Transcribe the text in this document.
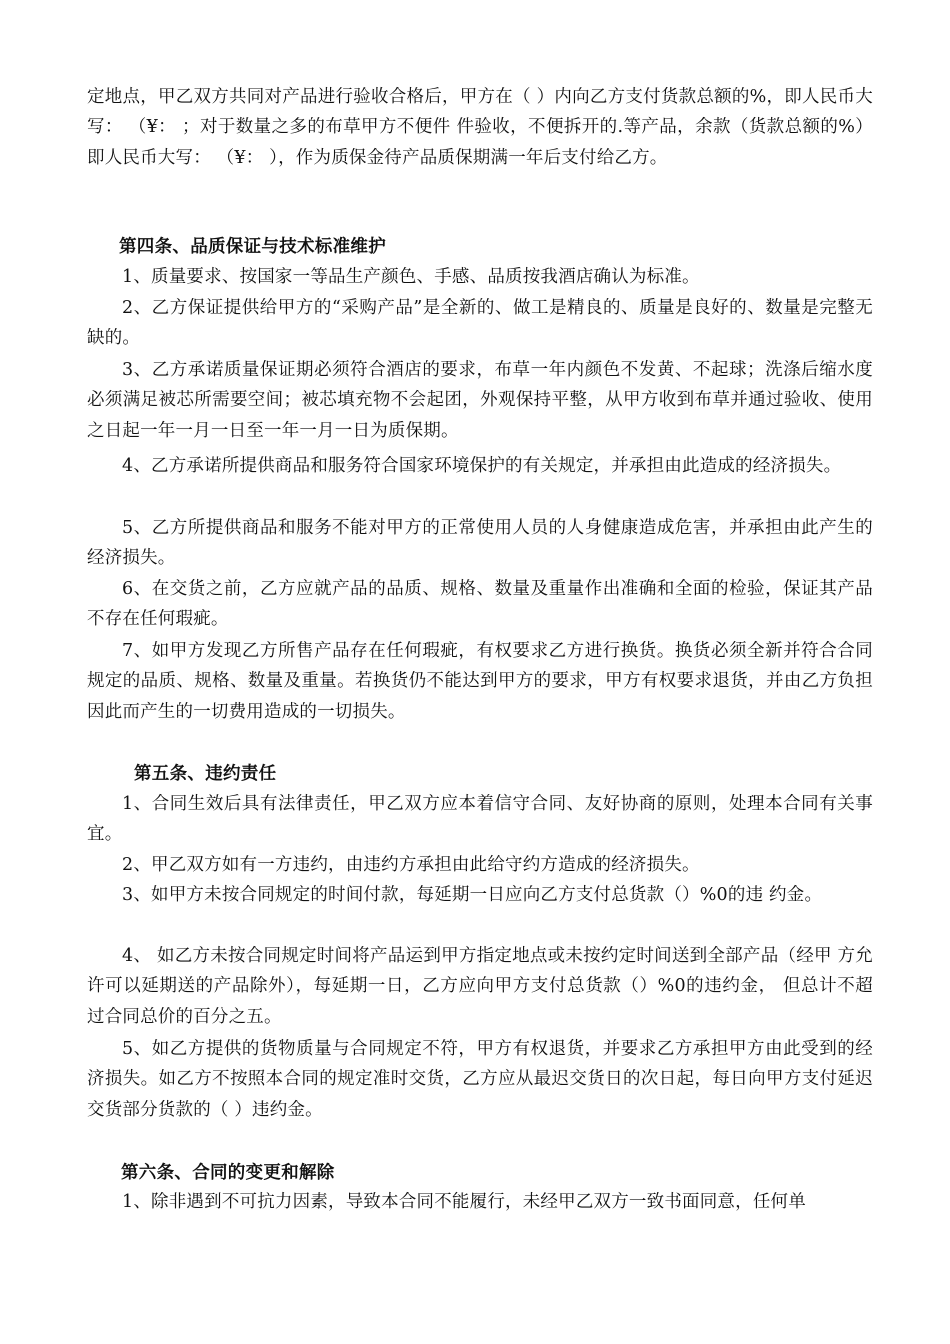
定地点，甲乙双方共同对产品进行验收合格后，甲方在（ ）内向乙方支付货款总额的%，即人民币大写： （¥： ；对于数量之多的布草甲方不便件 件验收，不便拆开的.等产品，余款（货款总额的%）即人民币大写： （¥： ），作为质保金待产品质保期满一年后支付给乙方。

第四条、品质保证与技术标准维护

1、质量要求、按国家一等品生产颜色、手感、品质按我酒店确认为标准。

2、乙方保证提供给甲方的“采购产品”是全新的、做工是精良的、质量是良好的、数量是完整无缺的。

3、乙方承诺质量保证期必须符合酒店的要求，布草一年内颜色不发黄、不起球；洗涤后缩水度必须满足被芯所需要空间；被芯填充物不会起团，外观保持平整，从甲方收到布草并通过验收、使用之日起一年一月一日至一年一月一日为质保期。

4、乙方承诺所提供商品和服务符合国家环境保护的有关规定，并承担由此造成的经济损失。

5、乙方所提供商品和服务不能对甲方的正常使用人员的人身健康造成危害，并承担由此产生的经济损失。

6、在交货之前，乙方应就产品的品质、规格、数量及重量作出准确和全面的检验，保证其产品不存在任何瑕疵。

7、如甲方发现乙方所售产品存在任何瑕疵，有权要求乙方进行换货。换货必须全新并符合合同规定的品质、规格、数量及重量。若换货仍不能达到甲方的要求，甲方有权要求退货，并由乙方负担因此而产生的一切费用造成的一切损失。

第五条、违约责任

1、合同生效后具有法律责任，甲乙双方应本着信守合同、友好协商的原则，处理本合同有关事宜。

2、甲乙双方如有一方违约，由违约方承担由此给守约方造成的经济损失。

3、如甲方未按合同规定的时间付款，每延期一日应向乙方支付总货款（）%0的违 约金。

4、 如乙方未按合同规定时间将产品运到甲方指定地点或未按约定时间送到全部产品（经甲 方允许可以延期送的产品除外），每延期一日，乙方应向甲方支付总货款（）%0的违约金， 但总计不超过合同总价的百分之五。

5、如乙方提供的货物质量与合同规定不符，甲方有权退货，并要求乙方承担甲方由此受到的经济损失。如乙方不按照本合同的规定准时交货，乙方应从最迟交货日的次日起，每日向甲方支付延迟交货部分货款的（ ）违约金。

第六条、合同的变更和解除

1、除非遇到不可抗力因素，导致本合同不能履行，未经甲乙双方一致书面同意，任何单
